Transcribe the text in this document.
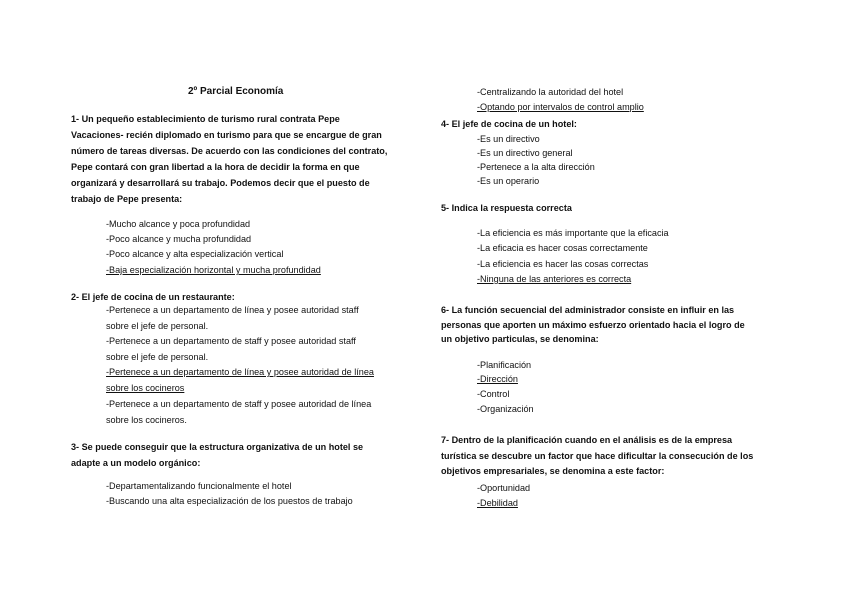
2º Parcial Economía
1- Un pequeño establecimiento de turismo rural contrata Pepe
Vacaciones- recién diplomado en turismo para que se encargue de gran
número de tareas diversas. De acuerdo con las condiciones del contrato,
Pepe contará con gran libertad a la hora de decidir la forma en que
organizará y desarrollará su trabajo. Podemos decir que el puesto de
trabajo de Pepe presenta:
-Mucho alcance y poca profundidad
-Poco alcance y mucha profundidad
-Poco alcance y alta especialización vertical
-Baja especialización horizontal y mucha profundidad
2- El jefe de cocina de un restaurante:
-Pertenece a un departamento de línea y posee autoridad staff
sobre el jefe de personal.
-Pertenece a un departamento de staff y posee autoridad staff
sobre el jefe de personal.
-Pertenece a un departamento de línea y posee autoridad de línea
sobre los cocineros
-Pertenece a un departamento de staff y posee autoridad de línea
sobre los cocineros.
3- Se puede conseguir que la estructura organizativa de un hotel se
adapte a un modelo orgánico:
-Departamentalizando funcionalmente el hotel
-Buscando una alta especialización de los puestos de trabajo
-Centralizando la autoridad del hotel
-Optando por intervalos de control amplio
4- El jefe de cocina de un hotel:
-Es un directivo
-Es un directivo general
-Pertenece a la alta dirección
-Es un operario
5- Indica la respuesta correcta
-La eficiencia es más importante que la eficacia
-La eficacia es hacer cosas correctamente
-La eficiencia es hacer las cosas correctas
-Ninguna de las anteriores es correcta
6- La función secuencial del administrador consiste en influir en las
personas que aporten un máximo esfuerzo orientado hacia el logro de
un objetivo particulas, se denomina:
-Planificación
-Dirección
-Control
-Organización
7- Dentro de la planificación cuando en el análisis es de la empresa
turística se descubre un factor que hace dificultar la consecución de los
objetivos empresariales, se denomina a este factor:
-Oportunidad
-Debilidad
